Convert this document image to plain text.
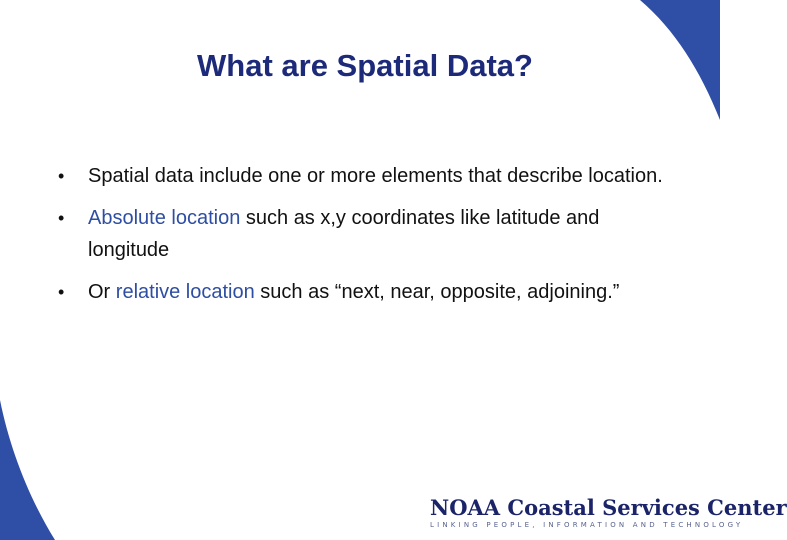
What are Spatial Data?
• Spatial data include one or more elements that describe location.
• Absolute location such as x,y coordinates like latitude and longitude
• Or relative location such as “next, near, opposite, adjoining.”
NOAA Coastal Services Center
LINKING PEOPLE, INFORMATION AND TECHNOLOGY
